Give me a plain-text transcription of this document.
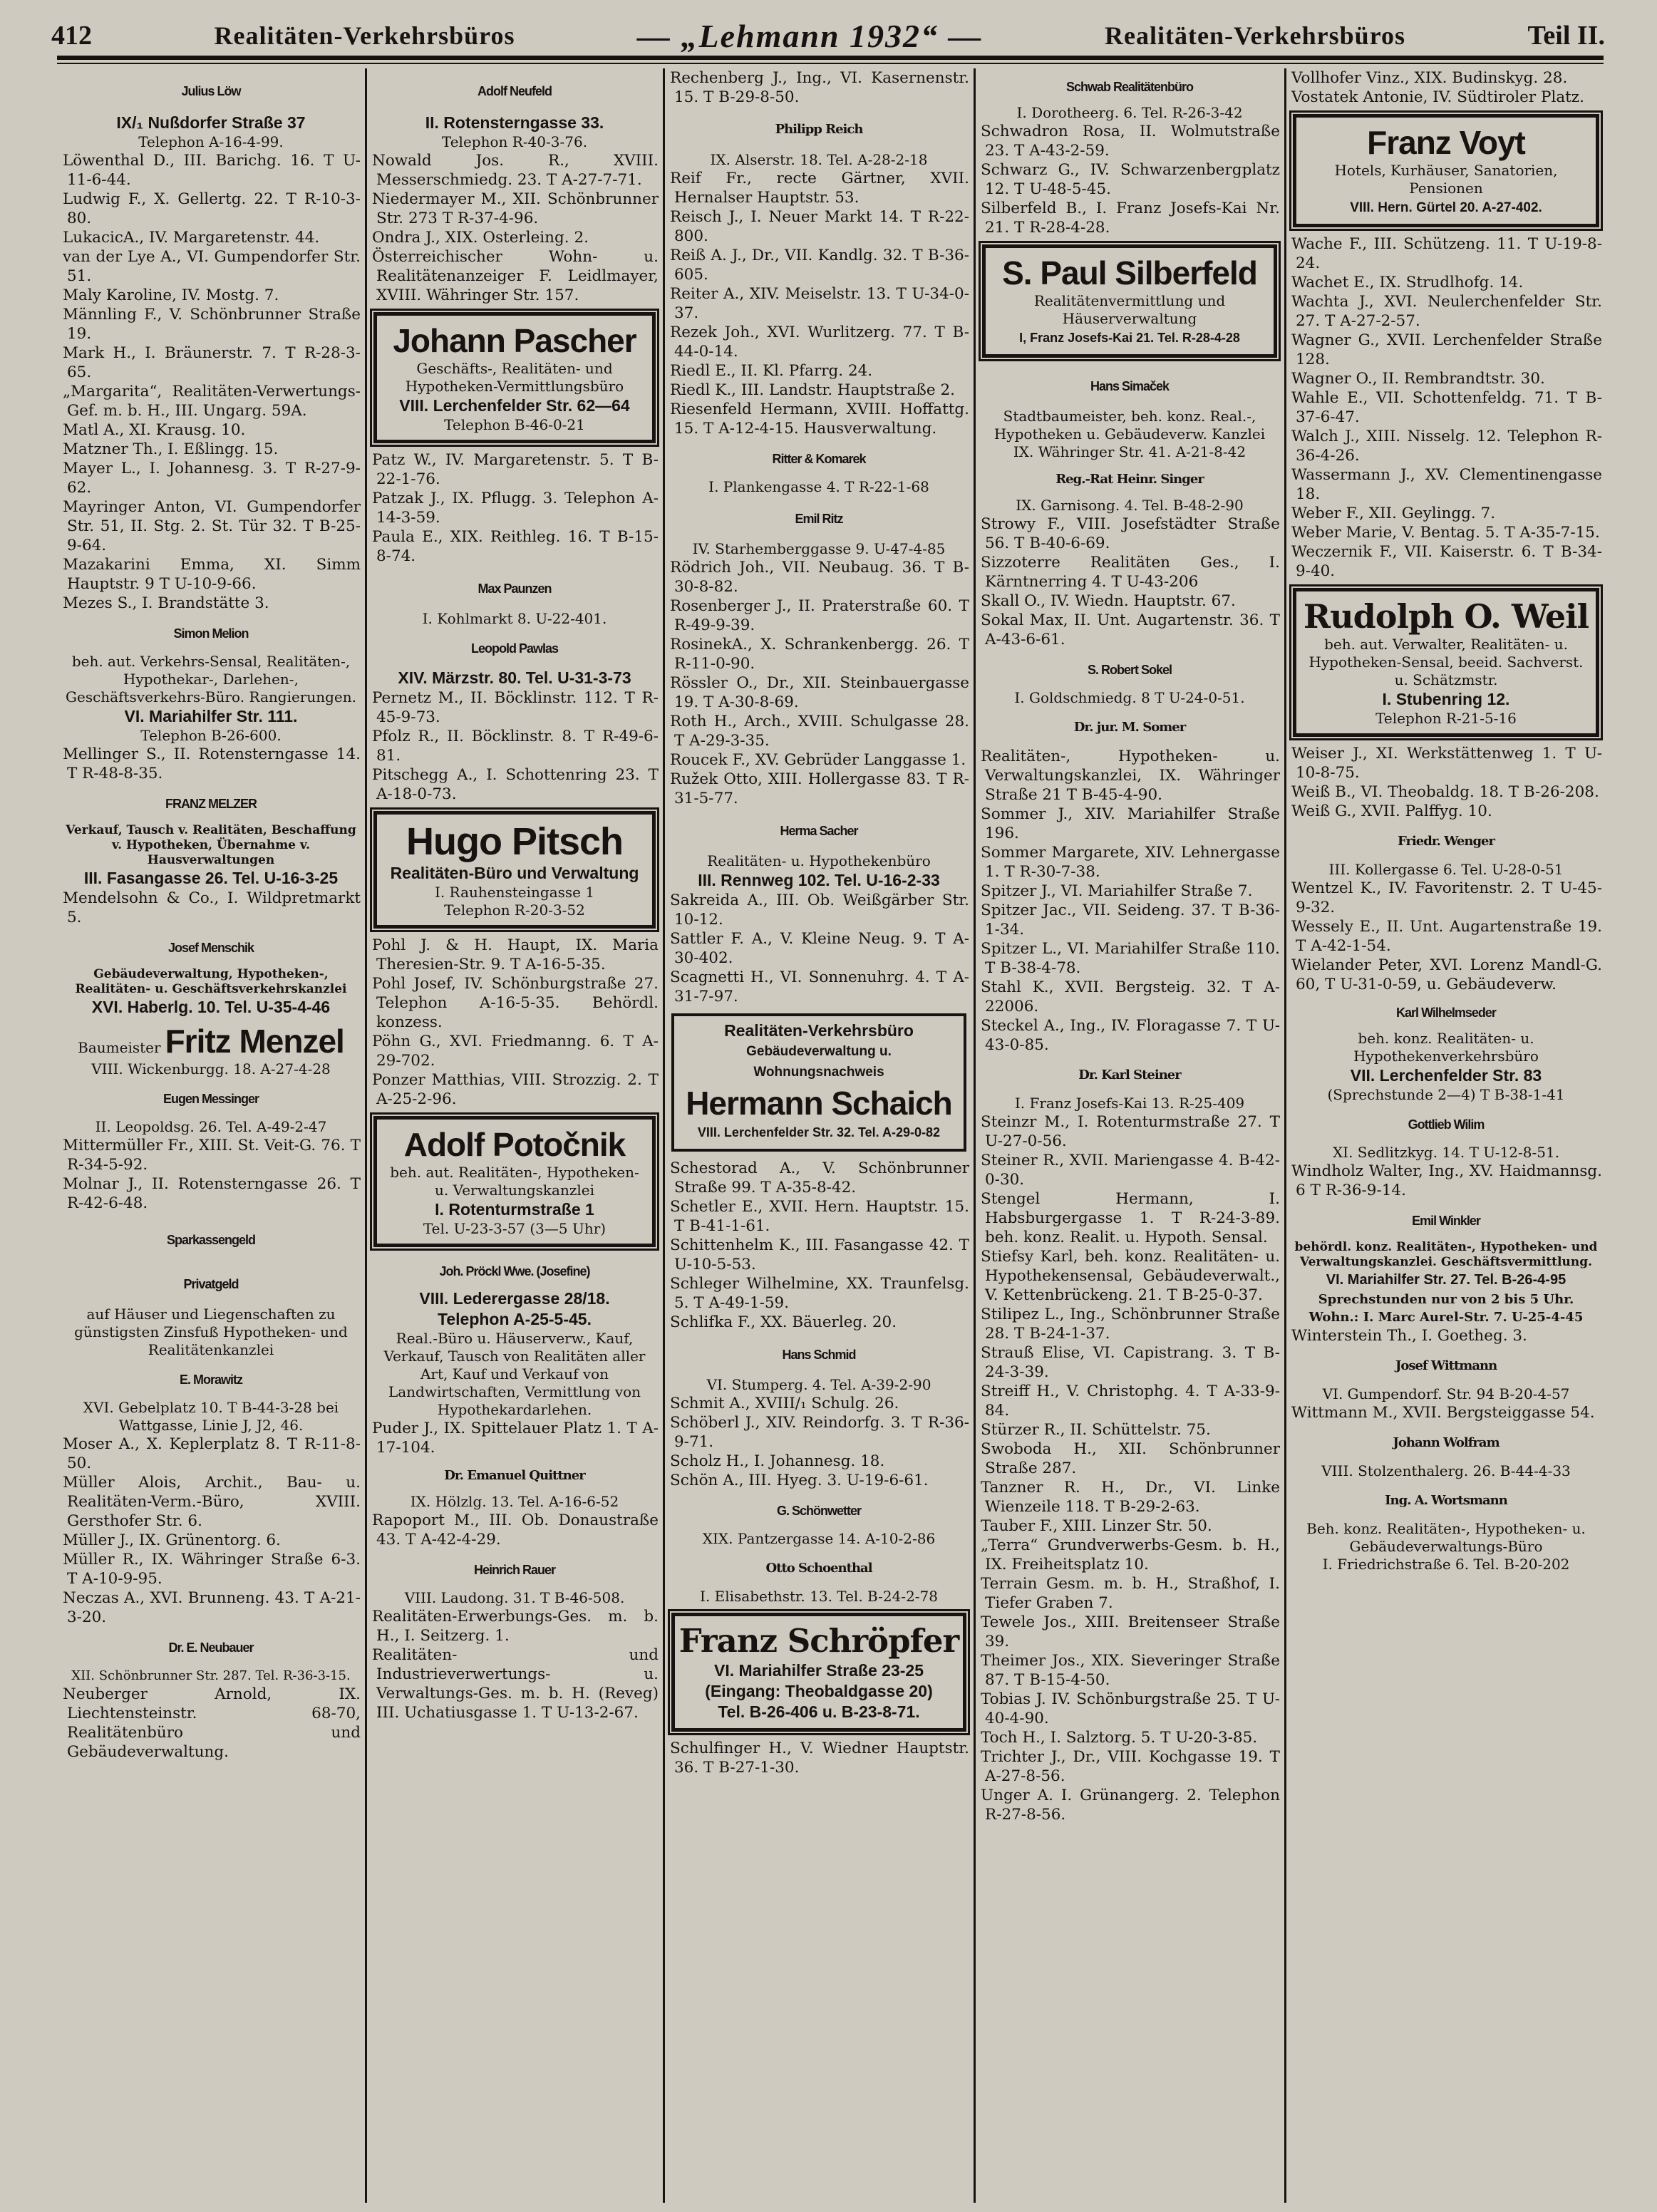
412	Realitäten-Verkehrsbüros	— „Lehmann 1932“ —	Realitäten-Verkehrsbüros	Teil II.
Julius Löw
IX/₁ Nußdorfer Straße 37
Telephon A-16-4-99.
Löwenthal D., III. Barichg. 16. T U-11-6-44.
Ludwig F., X. Gellertg. 22. T R-10-3-80.
LukacicA., IV. Margaretenstr. 44.
van der Lye A., VI. Gumpendorfer Str. 51.
Maly Karoline, IV. Mostg. 7.
Männling F., V. Schönbrunner Straße 19.
Mark H., I. Bräunerstr. 7. T R-28-3-65.
„Margarita“, Realitäten-Verwertungs-Gef. m. b. H., III. Ungarg. 59A.
Matl A., XI. Krausg. 10.
Matzner Th., I. Eßlingg. 15.
Mayer L., I. Johannesg. 3. T R-27-9-62.
Mayringer Anton, VI. Gumpendorfer Str. 51, II. Stg. 2. St. Tür 32. T B-25-9-64.
Mazakarini Emma, XI. Simm Hauptstr. 9 T U-10-9-66.
Mezes S., I. Brandstätte 3.
Simon Melion
beh. aut. Verkehrs-Sensal, Realitäten-, Hypothekar-, Darlehen-, Geschäftsverkehrs-Büro. Rangierungen.
VI. Mariahilfer Str. 111.
Telephon B-26-600.
Mellinger S., II. Rotensterngasse 14. T R-48-8-35.
FRANZ MELZER
Verkauf, Tausch v. Realitäten, Beschaffung v. Hypotheken, Übernahme v. Hausverwaltungen
III. Fasangasse 26. Tel. U-16-3-25
Mendelsohn & Co., I. Wildpretmarkt 5.
Josef Menschik
Gebäudeverwaltung, Hypotheken-, Realitäten- u. Geschäftsverkehrskanzlei
XVI. Haberlg. 10. Tel. U-35-4-46
Baumeister Fritz Menzel
VIII. Wickenburgg. 18. A-27-4-28
Eugen Messinger
II. Leopoldsg. 26. Tel. A-49-2-47
Mittermüller Fr., XIII. St. Veit-G. 76. T R-34-5-92.
Molnar J., II. Rotensterngasse 26. T R-42-6-48.
Sparkassengeld
Privatgeld
auf Häuser und Liegenschaften zu günstigsten Zinsfuß Hypotheken- und Realitätenkanzlei
E. Morawitz
XVI. Gebelplatz 10. T B-44-3-28 bei Wattgasse, Linie J, J2, 46.
Moser A., X. Keplerplatz 8. T R-11-8-50.
Müller Alois, Archit., Bau- u. Realitäten-Verm.-Büro, XVIII. Gersthofer Str. 6.
Müller J., IX. Grünentorg. 6.
Müller R., IX. Währinger Straße 6-3. T A-10-9-95.
Neczas A., XVI. Brunneng. 43. T A-21-3-20.
Dr. E. Neubauer
XII. Schönbrunner Str. 287. Tel. R-36-3-15.
Neuberger Arnold, IX. Liechtensteinstr. 68-70, Realitätenbüro und Gebäudeverwaltung.
Adolf Neufeld
II. Rotensterngasse 33.
Telephon R-40-3-76.
Nowald Jos. R., XVIII. Messerschmiedg. 23. T A-27-7-71.
Niedermayer M., XII. Schönbrunner Str. 273 T R-37-4-96.
Ondra J., XIX. Osterleing. 2.
Österreichischer Wohn- u. Realitätenanzeiger F. Leidlmayer, XVIII. Währinger Str. 157.
Johann Pascher
Geschäfts-, Realitäten- und Hypotheken-Vermittlungsbüro
VIII. Lerchenfelder Str. 62—64
Telephon B-46-0-21
Patz W., IV. Margaretenstr. 5. T B-22-1-76.
Patzak J., IX. Pflugg. 3. Telephon A-14-3-59.
Paula E., XIX. Reithleg. 16. T B-15-8-74.
Max Paunzen
I. Kohlmarkt 8. U-22-401.
Leopold Pawlas
XIV. Märzstr. 80. Tel. U-31-3-73
Pernetz M., II. Böcklinstr. 112. T R-45-9-73.
Pfolz R., II. Böcklinstr. 8. T R-49-6-81.
Pitschegg A., I. Schottenring 23. T A-18-0-73.
Hugo Pitsch
Realitäten-Büro und Verwaltung
I. Rauhensteingasse 1
Telephon R-20-3-52
Pohl J. & H. Haupt, IX. Maria Theresien-Str. 9. T A-16-5-35.
Pohl Josef, IV. Schönburgstraße 27. Telephon A-16-5-35. Behördl. konzess.
Pöhn G., XVI. Friedmanng. 6. T A-29-702.
Ponzer Matthias, VIII. Strozzig. 2. T A-25-2-96.
Adolf Potočnik
beh. aut. Realitäten-, Hypotheken- u. Verwaltungskanzlei
I. Rotenturmstraße 1
Tel. U-23-3-57 (3—5 Uhr)
Joh. Pröckl Wwe. (Josefine)
VIII. Lederergasse 28/18.
Telephon A-25-5-45.
Real.-Büro u. Häuserverw., Kauf, Verkauf, Tausch von Realitäten aller Art, Kauf und Verkauf von Landwirtschaften, Vermittlung von Hypothekardarlehen.
Puder J., IX. Spittelauer Platz 1. T A-17-104.
Dr. Emanuel Quittner
IX. Hölzlg. 13. Tel. A-16-6-52
Rapoport M., III. Ob. Donaustraße 43. T A-42-4-29.
Heinrich Rauer
VIII. Laudong. 31. T B-46-508.
Realitäten-Erwerbungs-Ges. m. b. H., I. Seitzerg. 1.
Realitäten- und Industrieverwertungs- u. Verwaltungs-Ges. m. b. H. (Reveg) III. Uchatiusgasse 1. T U-13-2-67.
Rechenberg J., Ing., VI. Kasernenstr. 15. T B-29-8-50.
Philipp Reich
IX. Alserstr. 18. Tel. A-28-2-18
Reif Fr., recte Gärtner, XVII. Hernalser Hauptstr. 53.
Reisch J., I. Neuer Markt 14. T R-22-800.
Reiß A. J., Dr., VII. Kandlg. 32. T B-36-605.
Reiter A., XIV. Meiselstr. 13. T U-34-0-37.
Rezek Joh., XVI. Wurlitzerg. 77. T B-44-0-14.
Riedl E., II. Kl. Pfarrg. 24.
Riedl K., III. Landstr. Hauptstraße 2.
Riesenfeld Hermann, XVIII. Hoffattg. 15. T A-12-4-15. Hausverwaltung.
Ritter & Komarek
I. Plankengasse 4. T R-22-1-68
Emil Ritz
IV. Starhemberggasse 9. U-47-4-85
Rödrich Joh., VII. Neubaug. 36. T B-30-8-82.
Rosenberger J., II. Praterstraße 60. T R-49-9-39.
RosinekA., X. Schrankenbergg. 26. T R-11-0-90.
Rössler O., Dr., XII. Steinbauergasse 19. T A-30-8-69.
Roth H., Arch., XVIII. Schulgasse 28. T A-29-3-35.
Roucek F., XV. Gebrüder Langgasse 1.
Ružek Otto, XIII. Hollergasse 83. T R-31-5-77.
Herma Sacher
Realitäten- u. Hypothekenbüro
III. Rennweg 102. Tel. U-16-2-33
Sakreida A., III. Ob. Weißgärber Str. 10-12.
Sattler F. A., V. Kleine Neug. 9. T A-30-402.
Scagnetti H., VI. Sonnenuhrg. 4. T A-31-7-97.
Realitäten-Verkehrsbüro
Gebäudeverwaltung u. Wohnungsnachweis
Hermann Schaich
VIII. Lerchenfelder Str. 32. Tel. A-29-0-82
Schestorad A., V. Schönbrunner Straße 99. T A-35-8-42.
Schetler E., XVII. Hern. Hauptstr. 15. T B-41-1-61.
Schittenhelm K., III. Fasangasse 42. T U-10-5-53.
Schleger Wilhelmine, XX. Traunfelsg. 5. T A-49-1-59.
Schlifka F., XX. Bäuerleg. 20.
Hans Schmid
VI. Stumperg. 4. Tel. A-39-2-90
Schmit A., XVIII/₁ Schulg. 26.
Schöberl J., XIV. Reindorfg. 3. T R-36-9-71.
Scholz H., I. Johannesg. 18.
Schön A., III. Hyeg. 3. U-19-6-61.
G. Schönwetter
XIX. Pantzergasse 14. A-10-2-86
Otto Schoenthal
I. Elisabethstr. 13. Tel. B-24-2-78
Franz Schröpfer
VI. Mariahilfer Straße 23-25
(Eingang: Theobaldgasse 20)
Tel. B-26-406 u. B-23-8-71.
Schulfinger H., V. Wiedner Hauptstr. 36. T B-27-1-30.
Schwab Realitätenbüro
I. Dorotheerg. 6. Tel. R-26-3-42
Schwadron Rosa, II. Wolmutstraße 23. T A-43-2-59.
Schwarz G., IV. Schwarzenbergplatz 12. T U-48-5-45.
Silberfeld B., I. Franz Josefs-Kai Nr. 21. T R-28-4-28.
S. Paul Silberfeld
Realitätenvermittlung und Häuserverwaltung
I, Franz Josefs-Kai 21. Tel. R-28-4-28
Hans Simaček
Stadtbaumeister, beh. konz. Real.-, Hypotheken u. Gebäudeverw. Kanzlei
IX. Währinger Str. 41. A-21-8-42
Reg.-Rat Heinr. Singer
IX. Garnisong. 4. Tel. B-48-2-90
Strowy F., VIII. Josefstädter Straße 56. T B-40-6-69.
Sizzoterre Realitäten Ges., I. Kärntnerring 4. T U-43-206
Skall O., IV. Wiedn. Hauptstr. 67.
Sokal Max, II. Unt. Augartenstr. 36. T A-43-6-61.
S. Robert Sokel
I. Goldschmiedg. 8 T U-24-0-51.
Dr. jur. M. Somer
Realitäten-, Hypotheken- u. Verwaltungskanzlei, IX. Währinger Straße 21 T B-45-4-90.
Sommer J., XIV. Mariahilfer Straße 196.
Sommer Margarete, XIV. Lehnergasse 1. T R-30-7-38.
Spitzer J., VI. Mariahilfer Straße 7.
Spitzer Jac., VII. Seideng. 37. T B-36-1-34.
Spitzer L., VI. Mariahilfer Straße 110. T B-38-4-78.
Stahl K., XVII. Bergsteig. 32. T A-22006.
Steckel A., Ing., IV. Floragasse 7. T U-43-0-85.
Dr. Karl Steiner
I. Franz Josefs-Kai 13. R-25-409
Steinzr M., I. Rotenturmstraße 27. T U-27-0-56.
Steiner R., XVII. Mariengasse 4. B-42-0-30.
Stengel Hermann, I. Habsburgergasse 1. T R-24-3-89. beh. konz. Realit. u. Hypoth. Sensal.
Stiefsy Karl, beh. konz. Realitäten- u. Hypothekensensal, Gebäudeverwalt., V. Kettenbrückeng. 21. T B-25-0-37.
Stilipez L., Ing., Schönbrunner Straße 28. T B-24-1-37.
Strauß Elise, VI. Capistrang. 3. T B-24-3-39.
Streiff H., V. Christophg. 4. T A-33-9-84.
Stürzer R., II. Schüttelstr. 75.
Swoboda H., XII. Schönbrunner Straße 287.
Tanzner R. H., Dr., VI. Linke Wienzeile 118. T B-29-2-63.
Tauber F., XIII. Linzer Str. 50.
„Terra“ Grundverwerbs-Gesm. b. H., IX. Freiheitsplatz 10.
Terrain Gesm. m. b. H., Straßhof, I. Tiefer Graben 7.
Tewele Jos., XIII. Breitenseer Straße 39.
Theimer Jos., XIX. Sieveringer Straße 87. T B-15-4-50.
Tobias J. IV. Schönburgstraße 25. T U-40-4-90.
Toch H., I. Salztorg. 5. T U-20-3-85.
Trichter J., Dr., VIII. Kochgasse 19. T A-27-8-56.
Unger A. I. Grünangerg. 2. Telephon R-27-8-56.
Vollhofer Vinz., XIX. Budinskyg. 28.
Vostatek Antonie, IV. Südtiroler Platz.
Franz Voyt
Hotels, Kurhäuser, Sanatorien, Pensionen
VIII. Hern. Gürtel 20. A-27-402.
Wache F., III. Schützeng. 11. T U-19-8-24.
Wachet E., IX. Strudlhofg. 14.
Wachta J., XVI. Neulerchenfelder Str. 27. T A-27-2-57.
Wagner G., XVII. Lerchenfelder Straße 128.
Wagner O., II. Rembrandtstr. 30.
Wahle E., VII. Schottenfeldg. 71. T B-37-6-47.
Walch J., XIII. Nisselg. 12. Telephon R-36-4-26.
Wassermann J., XV. Clementinengasse 18.
Weber F., XII. Geylingg. 7.
Weber Marie, V. Bentag. 5. T A-35-7-15.
Weczernik F., VII. Kaiserstr. 6. T B-34-9-40.
Rudolph O. Weil
beh. aut. Verwalter, Realitäten- u. Hypotheken-Sensal, beeid. Sachverst. u. Schätzmstr.
I. Stubenring 12.
Telephon R-21-5-16
Weiser J., XI. Werkstättenweg 1. T U-10-8-75.
Weiß B., VI. Theobaldg. 18. T B-26-208.
Weiß G., XVII. Palffyg. 10.
Friedr. Wenger
III. Kollergasse 6. Tel. U-28-0-51
Wentzel K., IV. Favoritenstr. 2. T U-45-9-32.
Wessely E., II. Unt. Augartenstraße 19. T A-42-1-54.
Wielander Peter, XVI. Lorenz Mandl-G. 60, T U-31-0-59, u. Gebäudeverw.
Karl Wilhelmseder
beh. konz. Realitäten- u. Hypothekenverkehrsbüro
VII. Lerchenfelder Str. 83
(Sprechstunde 2—4) T B-38-1-41
Gottlieb Wilim
XI. Sedlitzkyg. 14. T U-12-8-51.
Windholz Walter, Ing., XV. Haidmannsg. 6 T R-36-9-14.
Emil Winkler
behördl. konz. Realitäten-, Hypotheken- und Verwaltungskanzlei. Geschäftsvermittlung.
VI. Mariahilfer Str. 27. Tel. B-26-4-95
Sprechstunden nur von 2 bis 5 Uhr. Wohn.: I. Marc Aurel-Str. 7. U-25-4-45
Winterstein Th., I. Goetheg. 3.
Josef Wittmann
VI. Gumpendorf. Str. 94 B-20-4-57
Wittmann M., XVII. Bergsteiggasse 54.
Johann Wolfram
VIII. Stolzenthalerg. 26. B-44-4-33
Ing. A. Wortsmann
Beh. konz. Realitäten-, Hypotheken- u. Gebäudeverwaltungs-Büro
I. Friedrichstraße 6. Tel. B-20-202
